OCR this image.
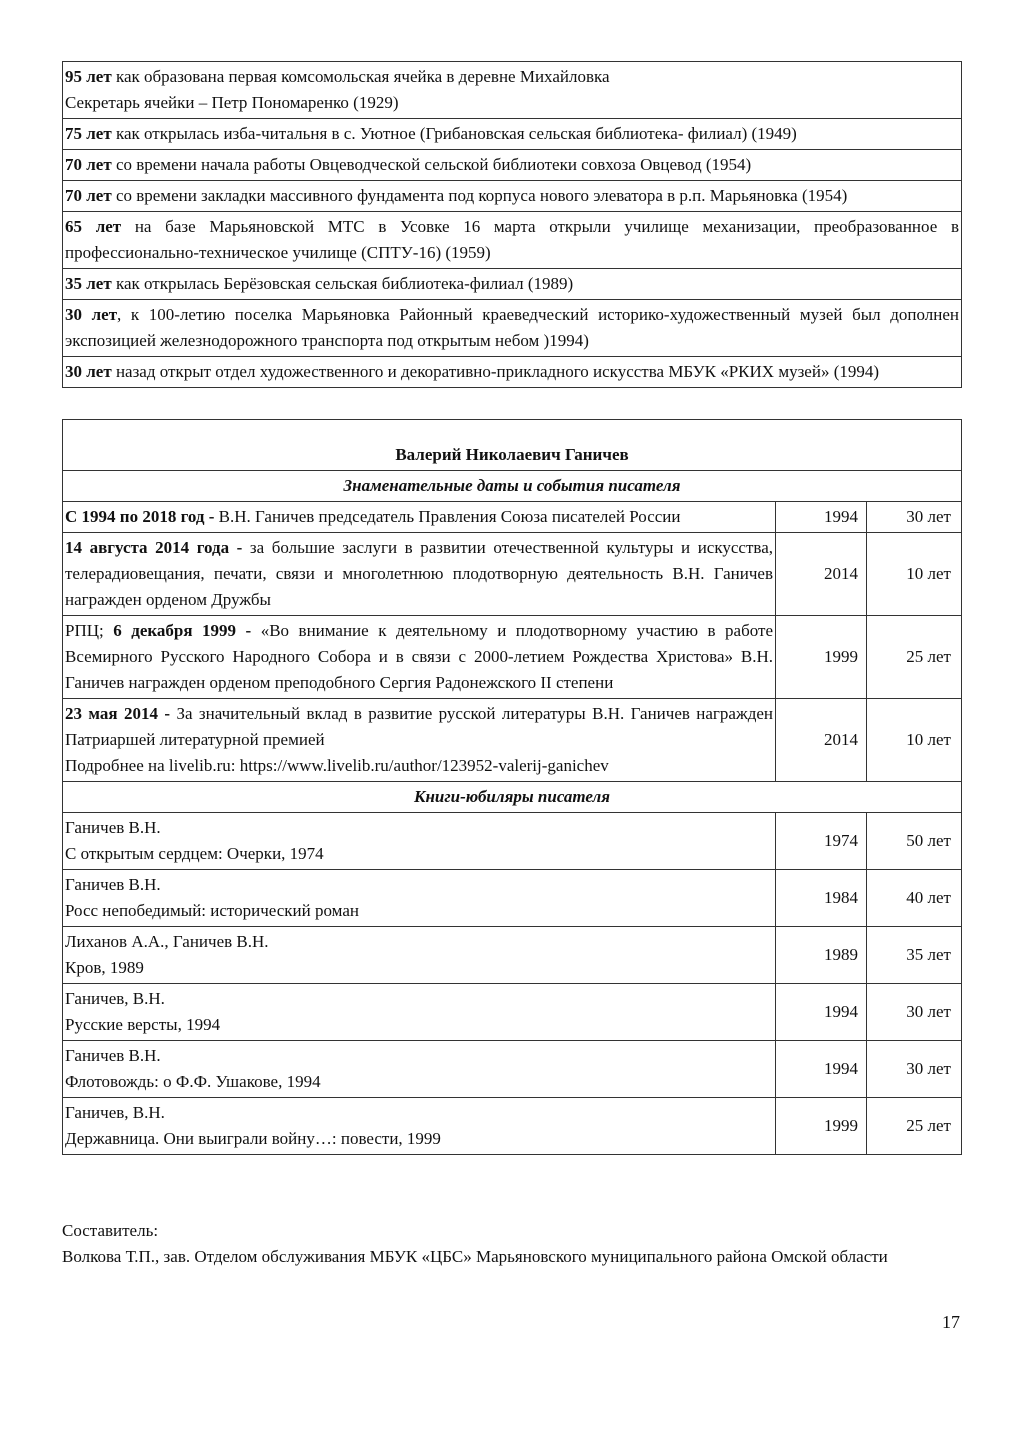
95 лет как образована первая комсомольская ячейка в деревне Михайловка
Секретарь ячейки – Петр Пономаренко (1929)
75 лет как открылась изба-читальня в с. Уютное (Грибановская сельская библиотека- филиал) (1949)
70 лет со времени начала работы Овцеводческой сельской библиотеки совхоза Овцевод (1954)
70 лет со времени закладки массивного фундамента под корпуса нового элеватора в р.п. Марьяновка (1954)
65 лет на базе Марьяновской МТС в Усовке 16 марта открыли училище механизации, преобразованное в профессионально-техническое училище (СПТУ-16) (1959)
35 лет как открылась Берёзовская сельская библиотека-филиал (1989)
30 лет, к 100-летию поселка Марьяновка Районный краеведческий историко-художественный музей был дополнен экспозицией железнодорожного транспорта под открытым небом )1994)
30 лет назад открыт отдел художественного и декоративно-прикладного искусства МБУК «РКИХ музей» (1994)
Валерий Николаевич Ганичев		
Знаменательные даты и события писателя		
С 1994 по 2018 год - В.Н. Ганичев председатель Правления Союза писателей России	1994	30 лет
14 августа 2014 года - за большие заслуги в развитии отечественной культуры и искусства, телерадиовещания, печати, связи и многолетнюю плодотворную деятельность В.Н. Ганичев награжден орденом Дружбы	2014	10 лет
РПЦ; 6 декабря 1999 - «Во внимание к деятельному и плодотворному участию в работе Всемирного Русского Народного Собора и в связи с 2000-летием Рождества Христова» В.Н. Ганичев награжден орденом преподобного Сергия Радонежского II степени	1999	25 лет
23 мая 2014 - За значительный вклад в развитие русской литературы В.Н. Ганичев награжден Патриаршей литературной премией
Подробнее на livelib.ru: https://www.livelib.ru/author/123952-valerij-ganichev	2014	10 лет
Книги-юбиляры писателя		
Ганичев В.Н.
С открытым сердцем: Очерки, 1974	1974	50 лет
Ганичев В.Н.
Росс непобедимый: исторический роман	1984	40 лет
Лиханов А.А., Ганичев В.Н.
Кров, 1989	1989	35 лет
Ганичев, В.Н.
Русские версты, 1994	1994	30 лет
Ганичев В.Н.
Флотовождь: о Ф.Ф. Ушакове, 1994	1994	30 лет
Ганичев, В.Н.
Державница. Они выиграли войну…: повести, 1999	1999	25 лет
Составитель:
Волкова Т.П., зав. Отделом обслуживания МБУК «ЦБС» Марьяновского муниципального района Омской области
17
